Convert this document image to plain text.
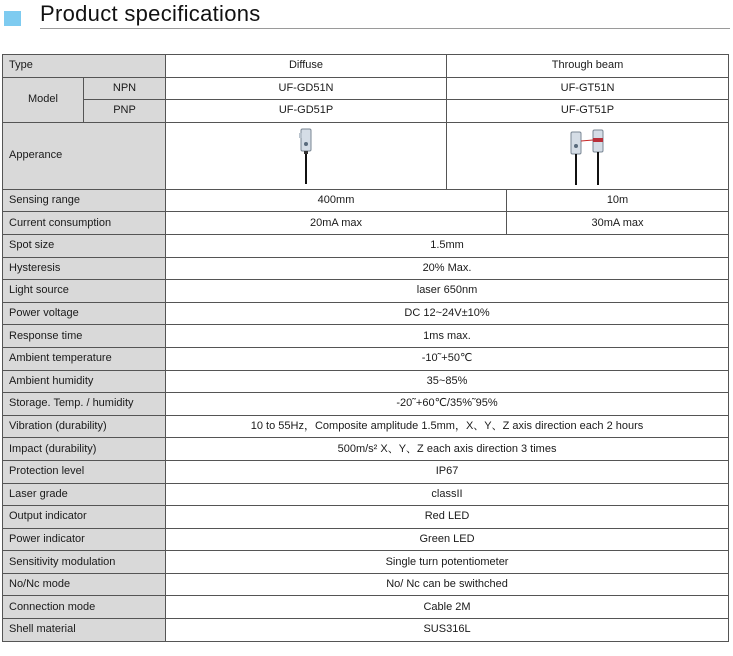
Product specifications
Type		Diffuse	Through beam	
Model	NPN	UF-GD51N	UF-GT51N	
	PNP	UF-GD51P	UF-GT51P	
Apperance		
Sensing range		400mm		10m
Current consumption		20mA max		30mA max
Spot size		1.5mm		
Hysteresis		20% Max.		
Light source		laser 650nm		
Power voltage		DC 12~24V±10%		
Response time		1ms max.		
Ambient temperature		-10˜+50℃		
Ambient humidity		35~85%		
Storage. Temp. / humidity		-20˜+60℃/35%˜95%		
Vibration (durability)		10 to 55Hz，Composite amplitude 1.5mm，X、Y、Z axis direction each 2 hours		
Impact (durability)		500m/s² X、Y、Z each axis direction 3 times		
Protection level		IP67		
Laser grade		classII		
Output indicator		Red LED		
Power indicator		Green LED		
Sensitivity modulation		Single turn potentiometer		
No/Nc mode		No/ Nc can be swithched		
Connection mode		Cable 2M		
Shell material		SUS316L		
